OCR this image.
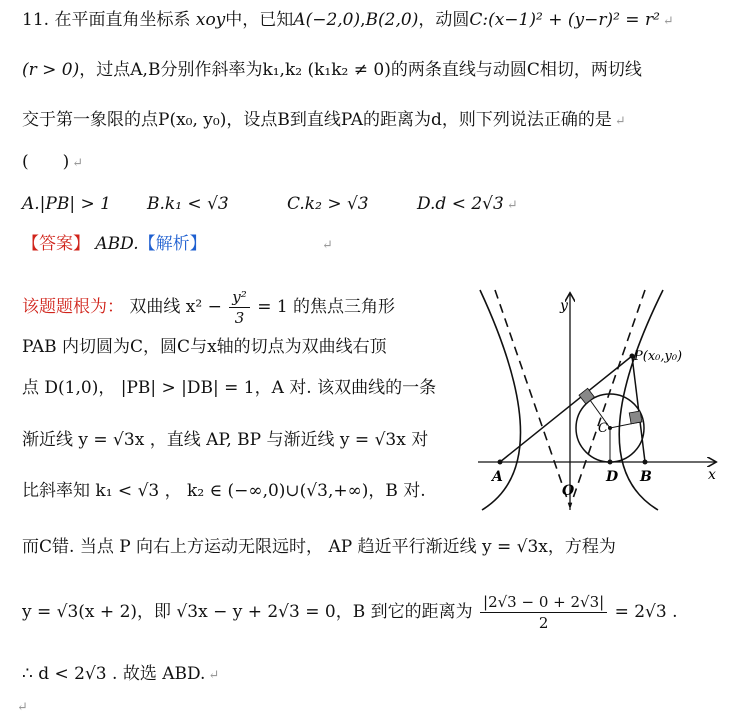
11. 在平面直角坐标系 xoy中，已知A(−2,0),B(2,0)，动圆C:(x−1)² + (y−r)² = r² ↵
(r > 0)，过点A,B分别作斜率为k₁,k₂ (k₁k₂ ≠ 0)的两条直线与动圆C相切，两切线
交于第一象限的点P(x₀, y₀)，设点B到直线PA的距离为d，则下列说法正确的是 ↵
(　　) ↵
A.|PB| > 1 B.k₁ < √3	C.k₂ > √3	D.d < 2√3 ↵
【答案】 ABD.【解析】	↵
该题题根为： 双曲线 $x^2 - \frac{\text{y²}}{3} = 1$ 的焦点三角形
PAB 内切圆为C，圆C与x轴的切点为双曲线右顶
点 D(1,0)， |PB| > |DB| = 1，A 对. 该双曲线的一条
渐近线 y = √3x ，直线 AP, BP 与渐近线 y = √3x 对
比斜率知 k₁ < √3 ， k₂ ∈ (−∞,0)∪(√3,+∞)，B 对.
而C错. 当点 P 向右上方运动无限远时， AP 趋近平行渐近线 y = √3x，方程为
y = √3(x + 2)，即 √3x − y + 2√3 = 0，B 到它的距离为 $\frac{|2√3 - 0 + 2√3|}{2} = 2√3$ .
∴ d < 2√3 . 故选 ABD. ↵
↵
y
x
A	B
D
O
C
P(x₀,y₀)
